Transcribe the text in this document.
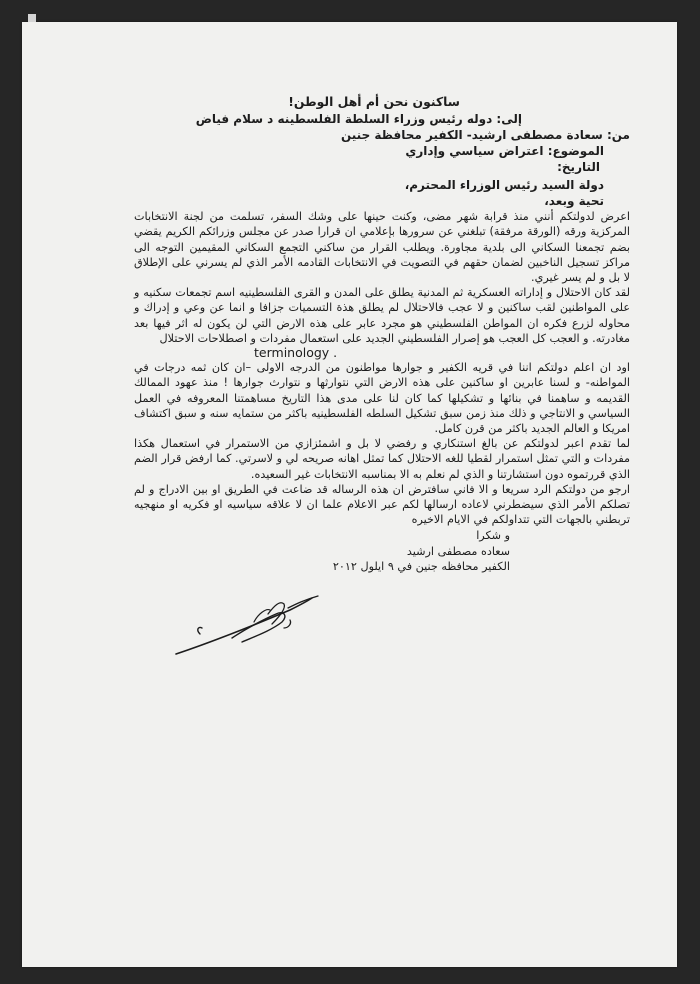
ساكنون نحن أم أهل الوطن!
إلى: دوله رئيس وزراء السلطة الفلسطينه د سلام فياض
من: سعادة مصطفى ارشيد- الكفير محافظة جنين
الموضوع: اعتراض سياسي وإداري
التاريخ:
دولة السيد رئيس الوزراء المحترم،
تحية وبعد،

اعرض لدولتكم أنني منذ قرابة شهر مضى، وكنت حينها على وشك السفر، تسلمت من لجنة الانتخابات المركزية ورقه (الورقة مرفقة) تبلغني عن سرورها بإعلامي ان قرارا صدر عن مجلس وزرائكم الكريم يقضي بضم تجمعنا السكاني الى بلدية مجاورة. ويطلب القرار من ساكني التجمع السكاني المقيمين التوجه الى مراكز تسجيل الناخبين لضمان حقهم في التصويت في الانتخابات القادمه الأمر الذي لم يسرني على الإطلاق لا بل و لم يسر غيري.

لقد كان الاحتلال و إداراته العسكرية ثم المدنية يطلق على المدن و القرى الفلسطينيه اسم تجمعات سكنيه و على المواطنين لقب ساكنين و لا عجب فالاحتلال لم يطلق هذة التسميات جزافا و انما عن وعي و إدراك و محاوله لزرع فكره ان المواطن الفلسطيني هو مجرد عابر على هذه الارض التي لن يكون له اثر فيها بعد مغادرته. و العجب كل العجب هو إصرار الفلسطيني الجديد على استعمال مفردات و اصطلاحات الاحتلال

terminology .

اود ان اعلم دولتكم اننا في قريه الكفير و جوارها مواطنون من الدرجه الاولى –ان كان ثمه درجات في المواطنه- و لسنا عابرين او ساكنين على هذه الارض التي نتوارثها و نتوارث جوارها ! منذ عهود الممالك القديمه و ساهمنا في بنائها و تشكيلها كما كان لنا على مدى هذا التاريخ مساهمتنا المعروفه في العمل السياسي و الانتاجي و ذلك منذ زمن سبق تشكيل السلطه الفلسطينيه باكثر من ستمايه سنه و سبق اكتشاف امريكا و العالم الجديد باكثر من قرن كامل.

لما تقدم اعبر لدولتكم عن بالغ استنكاري و رفضي لا بل و اشمئزازي من الاستمرار في استعمال هكذا مفردات و التي تمثل استمرار لقطيا للغه الاحتلال كما تمثل اهانه صريحه لي و لاسرتي. كما ارفض قرار الضم الذي قررتموه دون استشارتنا و الذي لم نعلم به الا بمناسبه الانتخابات غير السعيده.

ارجو من دولتكم الرد سريعا و الا فاني سافترض ان هذه الرساله قد ضاعت في الطريق او بين الادراج و لم تصلكم الأمر الذي سيضطرني لاعاده ارسالها لكم عبر الاعلام علما ان لا علاقه سياسيه او فكريه او منهجيه تربطني بالجهات التي تتداولكم في الايام الاخيره

و شكرا
سعاده مصطفى ارشيد
الكفير محافظه جنين في ٩ ايلول ٢٠١٢
